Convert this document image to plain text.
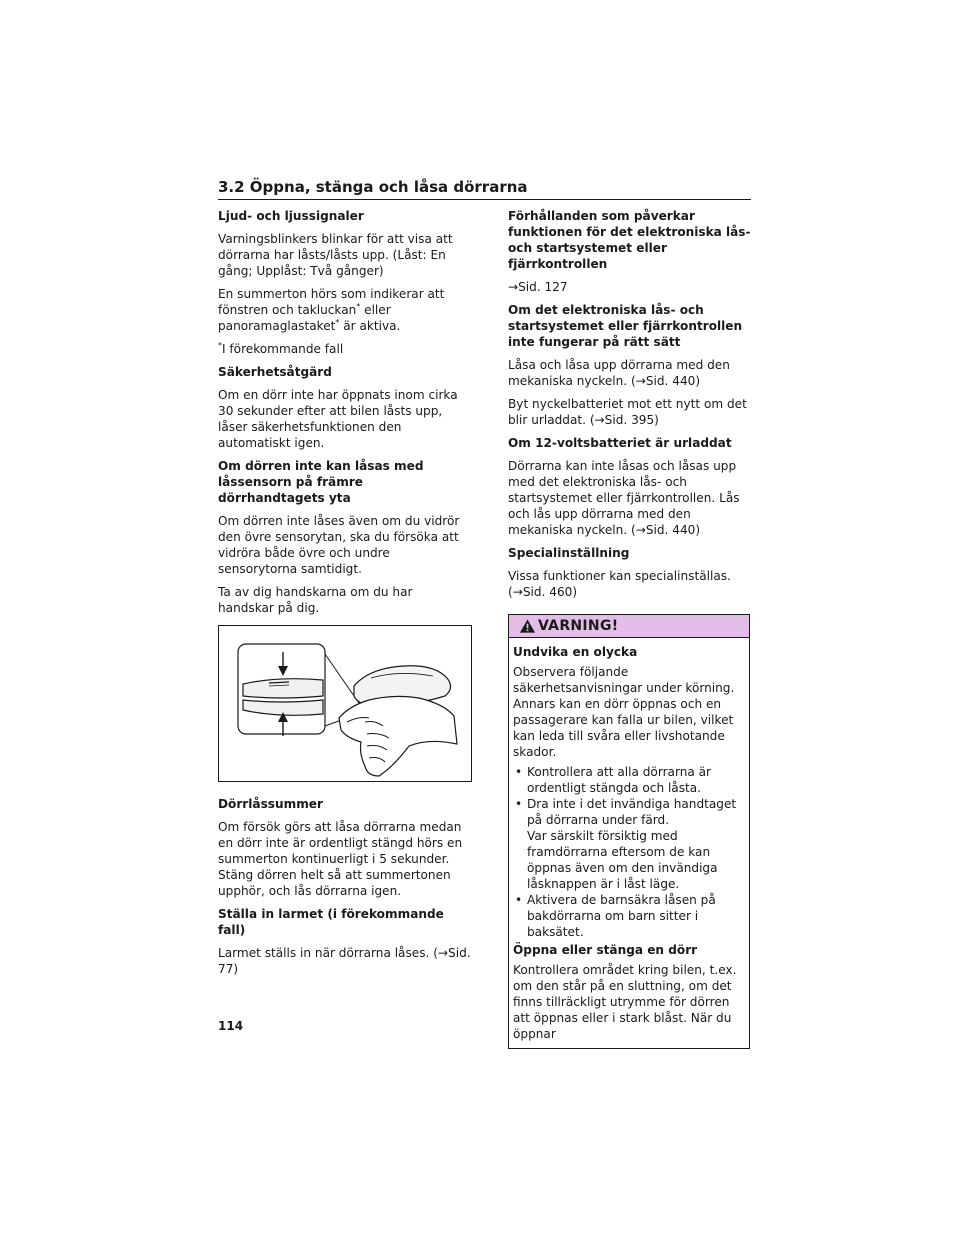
3.2 Öppna, stänga och låsa dörrarna
Ljud- och ljussignaler

Varningsblinkers blinkar för att visa att dörrarna har låsts/låsts upp. (Låst: En gång; Upplåst: Två gånger)

En summerton hörs som indikerar att fönstren och takluckan* eller panoramaglastaket* är aktiva.

*I förekommande fall

Säkerhetsåtgärd

Om en dörr inte har öppnats inom cirka 30 sekunder efter att bilen låsts upp, låser säkerhetsfunktionen den automatiskt igen.

Om dörren inte kan låsas med låssensorn på främre dörrhandtagets yta

Om dörren inte låses även om du vidrör den övre sensorytan, ska du försöka att vidröra både övre och undre sensorytorna samtidigt.

Ta av dig handskarna om du har handskar på dig.

Dörrlåssummer

Om försök görs att låsa dörrarna medan en dörr inte är ordentligt stängd hörs en summerton kontinuerligt i 5 sekunder. Stäng dörren helt så att summertonen upphör, och lås dörrarna igen.

Ställa in larmet (i förekommande fall)

Larmet ställs in när dörrarna låses. (→Sid. 77)

Förhållanden som påverkar funktionen för det elektroniska lås- och startsystemet eller fjärrkontrollen

→Sid. 127

Om det elektroniska lås- och startsystemet eller fjärrkontrollen inte fungerar på rätt sätt

Låsa och låsa upp dörrarna med den mekaniska nyckeln. (→Sid. 440)

Byt nyckelbatteriet mot ett nytt om det blir urladdat. (→Sid. 395)

Om 12-voltsbatteriet är urladdat

Dörrarna kan inte låsas och låsas upp med det elektroniska lås- och startsystemet eller fjärrkontrollen. Lås och lås upp dörrarna med den mekaniska nyckeln. (→Sid. 440)

Specialinställning

Vissa funktioner kan specialinställas. (→Sid. 460)

VARNING!
Undvika en olycka

Observera följande säkerhetsanvisningar under körning. Annars kan en dörr öppnas och en passagerare kan falla ur bilen, vilket kan leda till svåra eller livshotande skador.

• Kontrollera att alla dörrarna är ordentligt stängda och låsta.
• Dra inte i det invändiga handtaget på dörrarna under färd.
Var särskilt försiktig med framdörrarna eftersom de kan öppnas även om den invändiga låsknappen är i låst läge.
• Aktivera de barnsäkra låsen på bakdörrarna om barn sitter i baksätet.
Öppna eller stänga en dörr

Kontrollera området kring bilen, t.ex. om den står på en sluttning, om det finns tillräckligt utrymme för dörren att öppnas eller i stark blåst. När du öppnar

114
